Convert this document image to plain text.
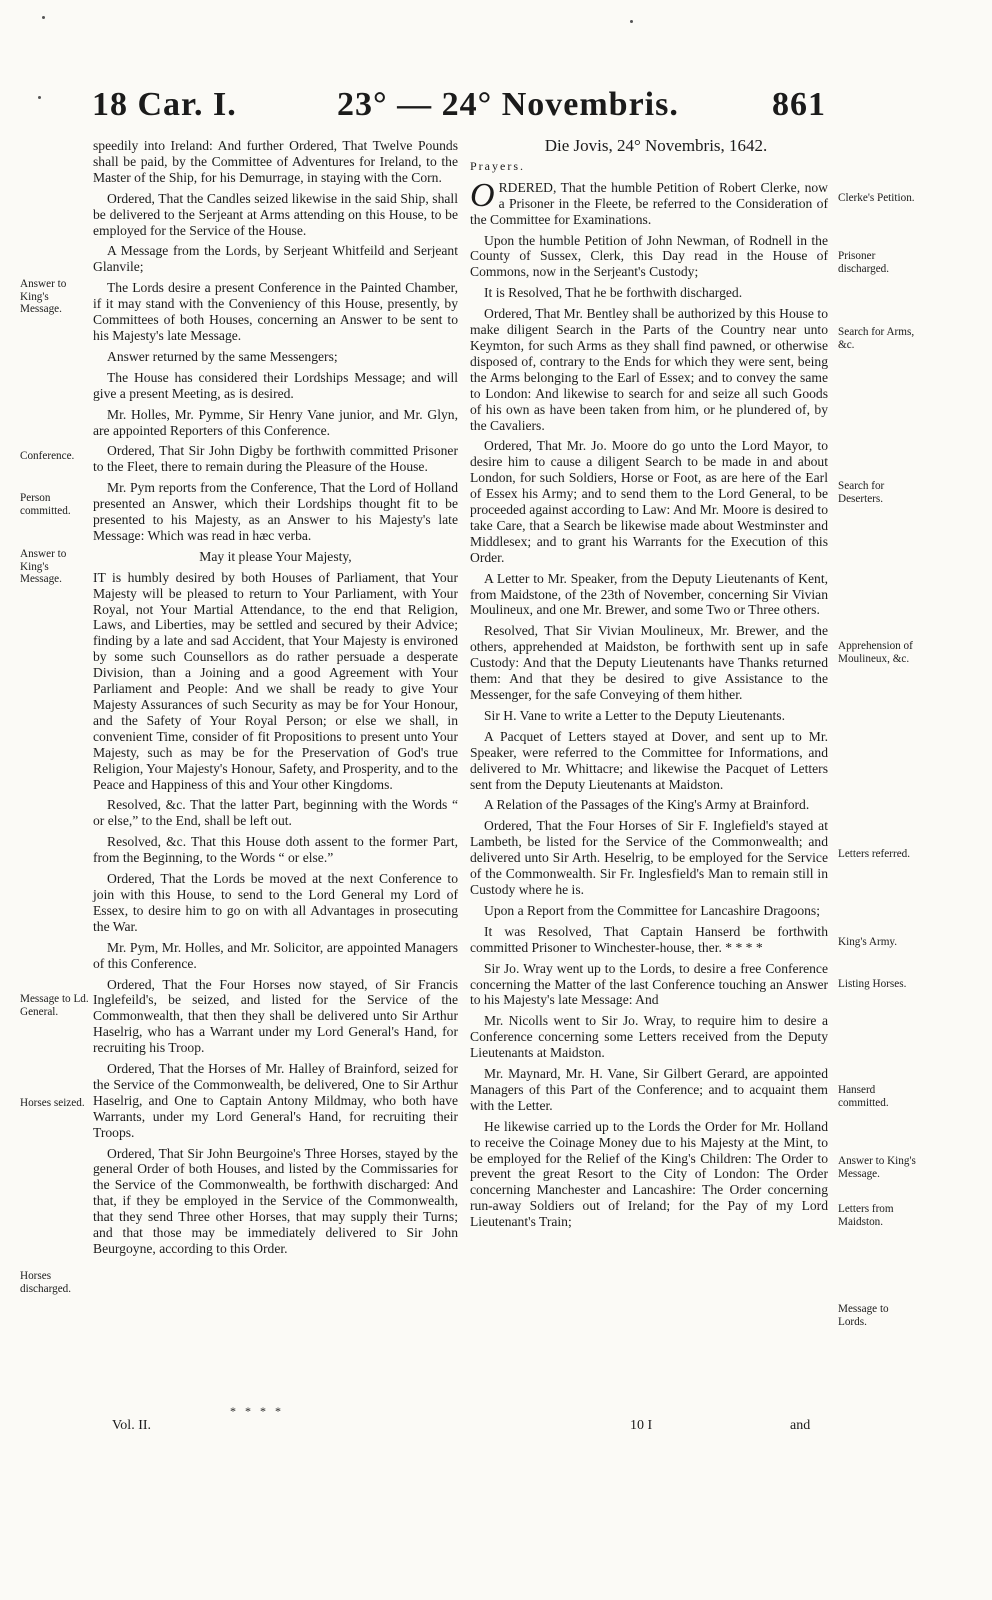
18 Car. I.	23° — 24° Novembris.	861
Answer to King's Message.
Conference.
Person committed.
Answer to King's Message.
Message to Ld. General.
Horses seized.
Horses discharged.

speedily into Ireland: And further Ordered, That Twelve Pounds shall be paid, by the Committee of Adventures for Ireland, to the Master of the Ship, for his Demurrage, in staying with the Corn.

Ordered, That the Candles seized likewise in the said Ship, shall be delivered to the Serjeant at Arms attending on this House, to be employed for the Service of the House.

A Message from the Lords, by Serjeant Whitfeild and Serjeant Glanvile;

The Lords desire a present Conference in the Painted Chamber, if it may stand with the Conveniency of this House, presently, by Committees of both Houses, concerning an Answer to be sent to his Majesty's late Message.

Answer returned by the same Messengers;

The House has considered their Lordships Message; and will give a present Meeting, as is desired.

Mr. Holles, Mr. Pymme, Sir Henry Vane junior, and Mr. Glyn, are appointed Reporters of this Conference.

Ordered, That Sir John Digby be forthwith committed Prisoner to the Fleet, there to remain during the Pleasure of the House.

Mr. Pym reports from the Conference, That the Lord of Holland presented an Answer, which their Lordships thought fit to be presented to his Majesty, as an Answer to his Majesty's late Message: Which was read in hæc verba.

May it please Your Majesty,

IT is humbly desired by both Houses of Parliament, that Your Majesty will be pleased to return to Your Parliament, with Your Royal, not Your Martial Attendance, to the end that Religion, Laws, and Liberties, may be settled and secured by their Advice; finding by a late and sad Accident, that Your Majesty is environed by some such Counsellors as do rather persuade a desperate Division, than a Joining and a good Agreement with Your Parliament and People: And we shall be ready to give Your Majesty Assurances of such Security as may be for Your Honour, and the Safety of Your Royal Person; or else we shall, in convenient Time, consider of fit Propositions to present unto Your Majesty, such as may be for the Preservation of God's true Religion, Your Majesty's Honour, Safety, and Prosperity, and to the Peace and Happiness of this and Your other Kingdoms.

Resolved, &c. That the latter Part, beginning with the Words “ or else,” to the End, shall be left out.

Resolved, &c. That this House doth assent to the former Part, from the Beginning, to the Words “ or else.”

Ordered, That the Lords be moved at the next Conference to join with this House, to send to the Lord General my Lord of Essex, to desire him to go on with all Advantages in prosecuting the War.

Mr. Pym, Mr. Holles, and Mr. Solicitor, are appointed Managers of this Conference.

Ordered, That the Four Horses now stayed, of Sir Francis Inglefeild's, be seized, and listed for the Service of the Commonwealth, that then they shall be delivered unto Sir Arthur Haselrig, who has a Warrant under my Lord General's Hand, for recruiting his Troop.

Ordered, That the Horses of Mr. Halley of Brainford, seized for the Service of the Commonwealth, be delivered, One to Sir Arthur Haselrig, and One to Captain Antony Mildmay, who both have Warrants, under my Lord General's Hand, for recruiting their Troops.

Ordered, That Sir John Beurgoine's Three Horses, stayed by the general Order of both Houses, and listed by the Commissaries for the Service of the Commonwealth, be forthwith discharged: And that, if they be employed in the Service of the Commonwealth, that they send Three other Horses, that may supply their Turns; and that those may be immediately delivered to Sir John Beurgoyne, according to this Order.

Die Jovis, 24° Novembris, 1642.

Prayers.

ORDERED, That the humble Petition of Robert Clerke, now a Prisoner in the Fleete, be referred to the Consideration of the Committee for Examinations.

Upon the humble Petition of John Newman, of Rodnell in the County of Sussex, Clerk, this Day read in the House of Commons, now in the Serjeant's Custody;

It is Resolved, That he be forthwith discharged.

Ordered, That Mr. Bentley shall be authorized by this House to make diligent Search in the Parts of the Country near unto Keymton, for such Arms as they shall find pawned, or otherwise disposed of, contrary to the Ends for which they were sent, being the Arms belonging to the Earl of Essex; and to convey the same to London: And likewise to search for and seize all such Goods of his own as have been taken from him, or he plundered of, by the Cavaliers.

Ordered, That Mr. Jo. Moore do go unto the Lord Mayor, to desire him to cause a diligent Search to be made in and about London, for such Soldiers, Horse or Foot, as are here of the Earl of Essex his Army; and to send them to the Lord General, to be proceeded against according to Law: And Mr. Moore is desired to take Care, that a Search be likewise made about Westminster and Middlesex; and to grant his Warrants for the Execution of this Order.

A Letter to Mr. Speaker, from the Deputy Lieutenants of Kent, from Maidstone, of the 23th of November, concerning Sir Vivian Moulineux, and one Mr. Brewer, and some Two or Three others.

Resolved, That Sir Vivian Moulineux, Mr. Brewer, and the others, apprehended at Maidston, be forthwith sent up in safe Custody: And that the Deputy Lieutenants have Thanks returned them: And that they be desired to give Assistance to the Messenger, for the safe Conveying of them hither.

Sir H. Vane to write a Letter to the Deputy Lieutenants.

A Pacquet of Letters stayed at Dover, and sent up to Mr. Speaker, were referred to the Committee for Informations, and delivered to Mr. Whittacre; and likewise the Pacquet of Letters sent from the Deputy Lieutenants at Maidston.

A Relation of the Passages of the King's Army at Brainford.

Ordered, That the Four Horses of Sir F. Inglefield's stayed at Lambeth, be listed for the Service of the Commonwealth; and delivered unto Sir Arth. Heselrig, to be employed for the Service of the Commonwealth. Sir Fr. Inglesfield's Man to remain still in Custody where he is.

Upon a Report from the Committee for Lancashire Dragoons;

It was Resolved, That Captain Hanserd be forthwith committed Prisoner to Winchester-house, ther. * * * *

Sir Jo. Wray went up to the Lords, to desire a free Conference concerning the Matter of the last Conference touching an Answer to his Majesty's late Message: And

Mr. Nicolls went to Sir Jo. Wray, to require him to desire a Conference concerning some Letters received from the Deputy Lieutenants at Maidston.

Mr. Maynard, Mr. H. Vane, Sir Gilbert Gerard, are appointed Managers of this Part of the Conference; and to acquaint them with the Letter.

He likewise carried up to the Lords the Order for Mr. Holland to receive the Coinage Money due to his Majesty at the Mint, to be employed for the Relief of the King's Children: The Order to prevent the great Resort to the City of London: The Order concerning Manchester and Lancashire: The Order concerning run-away Soldiers out of Ireland; for the Pay of my Lord Lieutenant's Train;

Clerke's Petition.
Prisoner discharged.
Search for Arms, &c.
Search for Deserters.
Apprehension of Moulineux, &c.
Letters referred.
King's Army.
Listing Horses.
Hanserd committed.
Answer to King's Message.
Letters from Maidston.
Message to Lords.
Vol. II.
* * * *
10 I	and
